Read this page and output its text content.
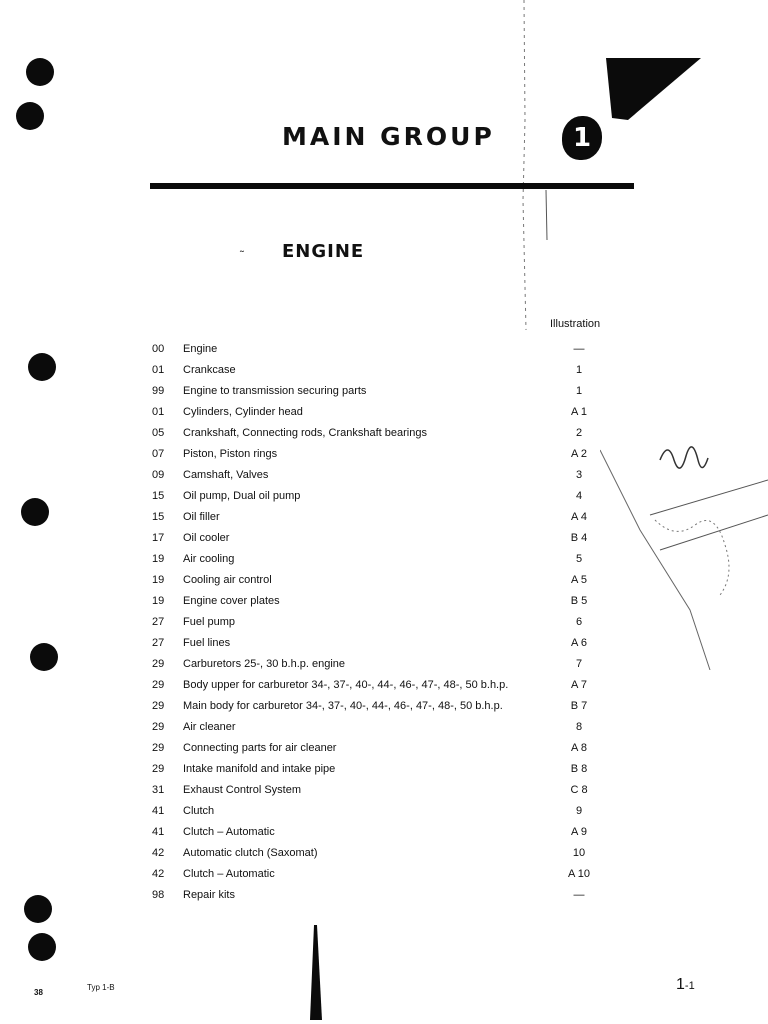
MAIN GROUP	1
˜ ENGINE
Illustration
00	Engine	—
01	Crankcase	1
99	Engine to transmission securing parts	1
01	Cylinders, Cylinder head	A 1
05	Crankshaft, Connecting rods, Crankshaft bearings	2
07	Piston, Piston rings	A 2
09	Camshaft, Valves	3
15	Oil pump, Dual oil pump	4
15	Oil filler	A 4
17	Oil cooler	B 4
19	Air cooling	5
19	Cooling air control	A 5
19	Engine cover plates	B 5
27	Fuel pump	6
27	Fuel lines	A 6
29	Carburetors 25-, 30 b.h.p. engine	7
29	Body upper for carburetor 34-, 37-, 40-, 44-, 46-, 47-, 48-, 50 b.h.p.	A 7
29	Main body for carburetor 34-, 37-, 40-, 44-, 46-, 47-, 48-, 50 b.h.p.	B 7
29	Air cleaner	8
29	Connecting parts for air cleaner	A 8
29	Intake manifold and intake pipe	B 8
31	Exhaust Control System	C 8
41	Clutch	9
41	Clutch – Automatic	A 9
42	Automatic clutch (Saxomat)	10
42	Clutch – Automatic	A 10
98	Repair kits	—
38
Typ 1-B	1-1
